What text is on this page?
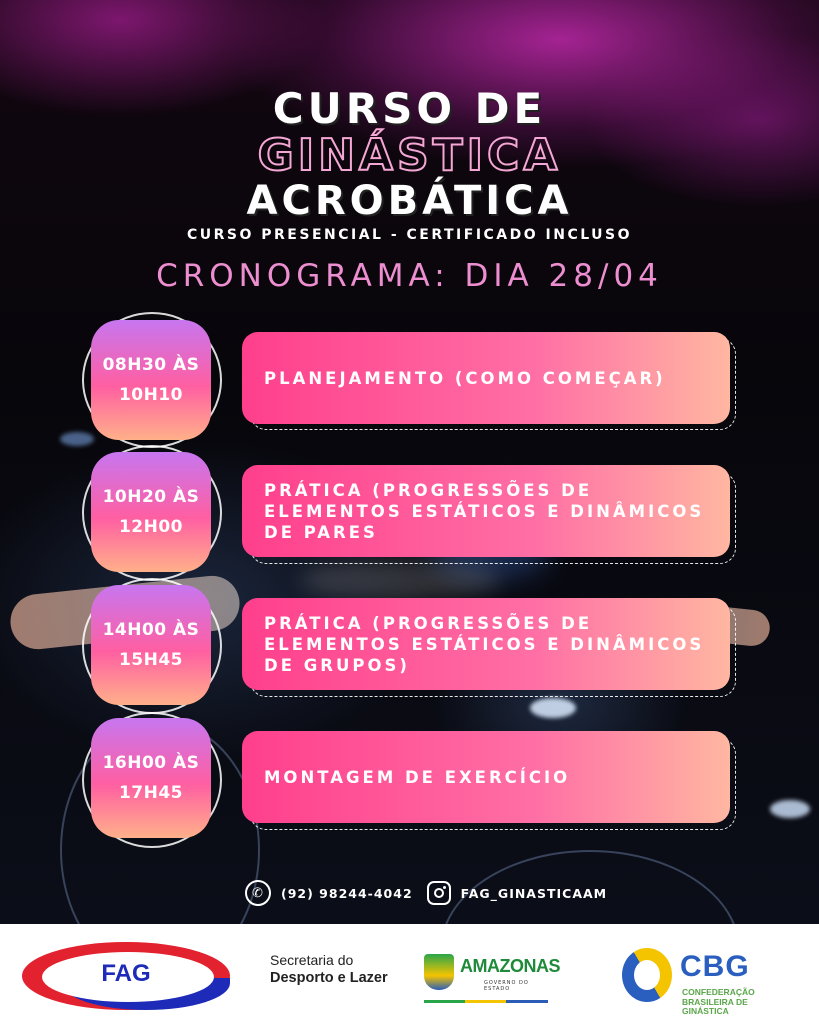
CURSO DE
GINÁSTICA
ACROBÁTICA
CURSO PRESENCIAL - CERTIFICADO INCLUSO
CRONOGRAMA: DIA 28/04
08H30 ÀS
10H10
PLANEJAMENTO (COMO COMEÇAR)
10H20 ÀS
12H00
PRÁTICA (PROGRESSÕES DE ELEMENTOS ESTÁTICOS E DINÂMICOS DE PARES
14H00 ÀS
15H45
PRÁTICA (PROGRESSÕES DE ELEMENTOS ESTÁTICOS E DINÂMICOS DE GRUPOS)
16H00 ÀS
17H45
MONTAGEM DE EXERCÍCIO
✆	(92) 98244-4042	FAG_GINASTICAAM
FAG	Secretaria do
Desporto e Lazer
AMAZONAS
GOVERNO DO ESTADO
CBG
CONFEDERAÇÃO
BRASILEIRA DE
GINÁSTICA
